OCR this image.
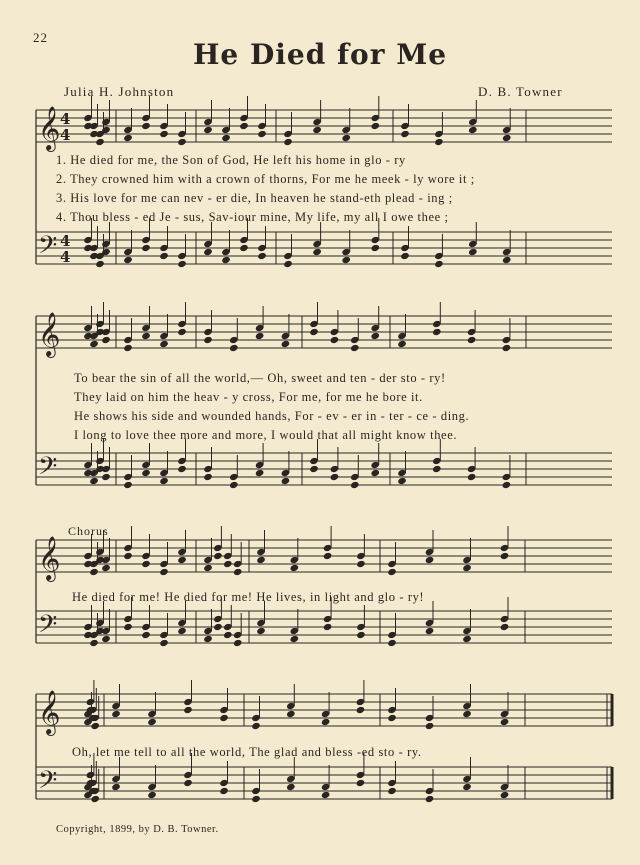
22
He Died for Me
Julia H. Johnston	D. B. Towner
1. He died for me, the Son of God, He left his home in glo - ry
2. They crowned him with a crown of thorns, For me he meek - ly wore it ;
3. His love for me can nev - er die, In heaven he stand-eth plead - ing ;
4. Thou bless - ed Je - sus, Sav-iour mine, My life, my all I owe thee ;
To bear the sin of all the world,— Oh, sweet and ten - der sto - ry!
They laid on him the heav - y cross, For me, for me he bore it.
He shows his side and wounded hands, For - ev - er in - ter - ce - ding.
I long to love thee more and more, I would that all might know thee.
Chorus
He died for me! He died for me! He lives, in light and glo - ry!
Oh, let me tell to all the world, The glad and bless -ed sto - ry.
Copyright, 1899, by D. B. Towner.
𝄞 4
4
𝄢 4
4
𝄞
𝄢
𝄞
𝄢
𝄞
𝄢
